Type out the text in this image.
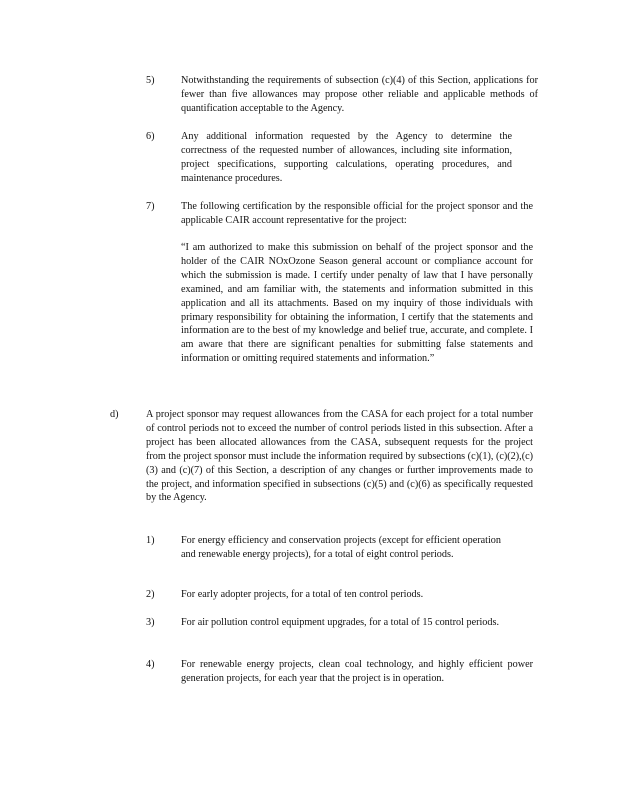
5)	Notwithstanding the requirements of subsection (c)(4) of this Section, applications for fewer than five allowances may propose other reliable and applicable methods of quantification acceptable to the Agency.
6)	Any additional information requested by the Agency to determine the correctness of the requested number of allowances, including site information, project specifications, supporting calculations, operating procedures, and maintenance procedures.
7)	The following certification by the responsible official for the project sponsor and the applicable CAIR account representative for the project:
“I am authorized to make this submission on behalf of the project sponsor and the holder of the CAIR NOxOzone Season general account or compliance account for which the submission is made. I certify under penalty of law that I have personally examined, and am familiar with, the statements and information submitted in this application and all its attachments. Based on my inquiry of those individuals with primary responsibility for obtaining the information, I certify that the statements and information are to the best of my knowledge and belief true, accurate, and complete. I am aware that there are significant penalties for submitting false statements and information or omitting required statements and information.”
d)	A project sponsor may request allowances from the CASA for each project for a total number of control periods not to exceed the number of control periods listed in this subsection. After a project has been allocated allowances from the CASA, subsequent requests for the project from the project sponsor must include the information required by subsections (c)(1), (c)(2),(c)(3) and (c)(7) of this Section, a description of any changes or further improvements made to the project, and information specified in subsections (c)(5) and (c)(6) as specifically requested by the Agency.
1)	For energy efficiency and conservation projects (except for efficient operation and renewable energy projects), for a total of eight control periods.
2)	For early adopter projects, for a total of ten control periods.
3)	For air pollution control equipment upgrades, for a total of 15 control periods.
4)	For renewable energy projects, clean coal technology, and highly efficient power generation projects, for each year that the project is in operation.
